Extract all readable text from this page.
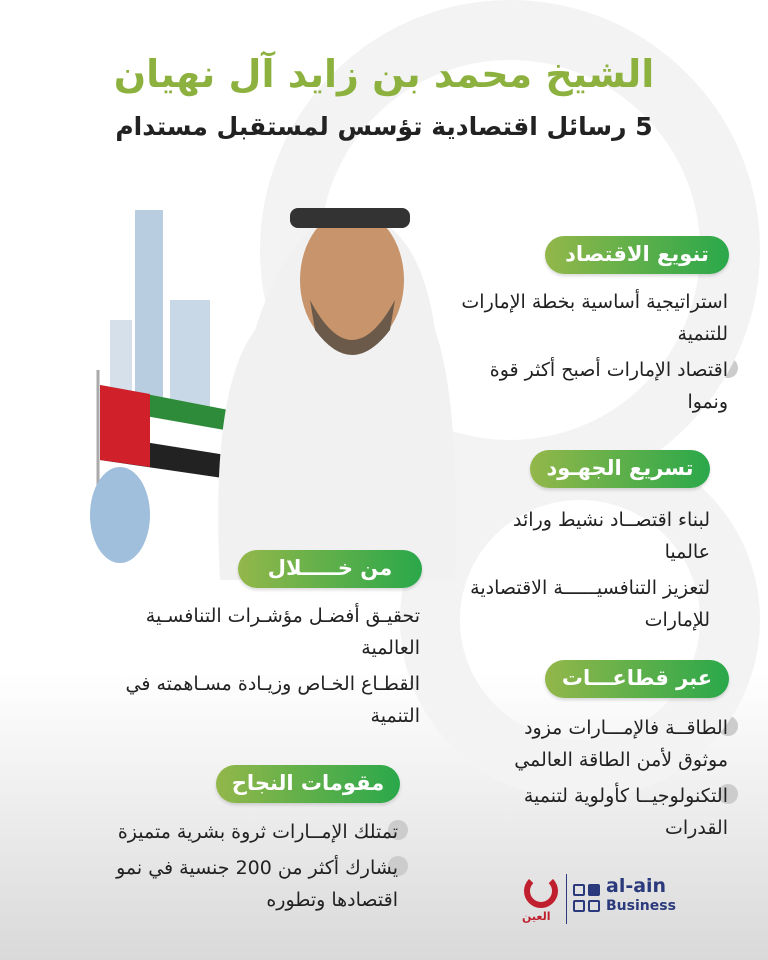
الشيخ محمد بن زايد آل نهيان
5 رسائل اقتصادية تؤسس لمستقبل مستدام
تنويع الاقتصاد
استراتيجية أساسية بخطة الإمارات للتنمية
اقتصاد الإمارات أصبح أكثر قوة ونموا
تسريع الجهـود
لبناء اقتصــاد نشيط ورائد عالميا
لتعزيز التنافسيــــــة الاقتصادية للإمارات
عبر قطاعـــات
الطاقــة فالإمـــارات مزود موثوق لأمن الطاقة العالمي
التكنولوجيــا كأولوية لتنمية القدرات
من خـــــلال
تحقيـق أفضـل مؤشـرات التنافسـية العالمية
القطـاع الخـاص وزيـادة مسـاهمته في التنمية
مقومات النجاح
تمتلك الإمــارات ثروة بشرية متميزة
يشارك أكثر من 200 جنسية في نمو اقتصادها وتطوره
العين
al-ain
Business
